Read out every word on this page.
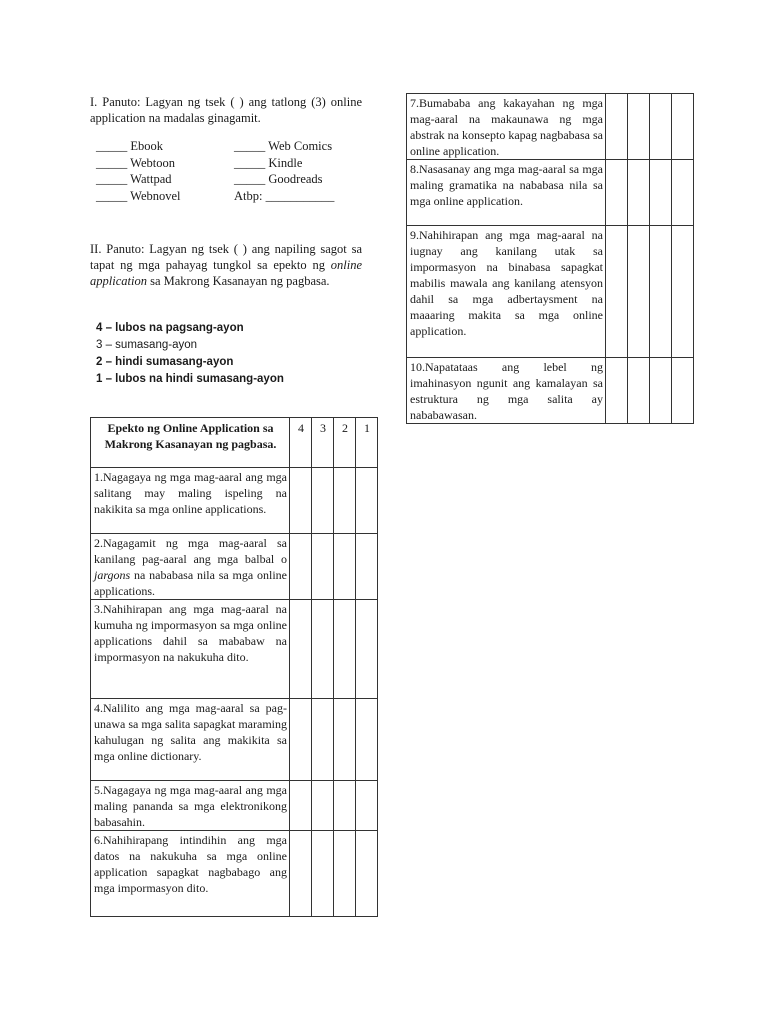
I. Panuto: Lagyan ng tsek ( ) ang tatlong (3) online application na madalas ginagamit.
_____ Ebook
_____ Webtoon
_____ Wattpad
_____ Webnovel
_____ Web Comics
_____ Kindle
_____ Goodreads
Atbp: ___________
II. Panuto: Lagyan ng tsek ( ) ang napiling sagot sa tapat ng mga pahayag tungkol sa epekto ng online application sa Makrong Kasanayan ng pagbasa.
4 – lubos na pagsang-ayon
3 – sumasang-ayon
2 – hindi sumasang-ayon
1 – lubos na hindi sumasang-ayon
Epekto ng Online Application sa Makrong Kasanayan ng pagbasa.	4	3	2	1
1.Nagagaya ng mga mag-aaral ang mga salitang may maling ispeling na nakikita sa mga online applications.				
2.Nagagamit ng mga mag-aaral sa kanilang pag-aaral ang mga balbal o jargons na nababasa nila sa mga online applications.				
3.Nahihirapan ang mga mag-aaral na kumuha ng impormasyon sa mga online applications dahil sa mababaw na impormasyon na nakukuha dito.				
4.Nalilito ang mga mag-aaral sa pag-unawa sa mga salita sapagkat maraming kahulugan ng salita ang makikita sa mga online dictionary.				
5.Nagagaya ng mga mag-aaral ang mga maling pananda sa mga elektronikong babasahin.				
6.Nahihirapang intindihin ang mga datos na nakukuha sa mga online application sapagkat nagbabago ang mga impormasyon dito.				
7.Bumababa ang kakayahan ng mga mag-aaral na makaunawa ng mga abstrak na konsepto kapag nagbabasa sa online application.				
8.Nasasanay ang mga mag-aaral sa mga maling gramatika na nababasa nila sa mga online application.				
9.Nahihirapan ang mga mag-aaral na iugnay ang kanilang utak sa impormasyon na binabasa sapagkat mabilis mawala ang kanilang atensyon dahil sa mga adbertaysment na maaaring makita sa mga online application.				
10.Napatataas ang lebel ng imahinasyon ngunit ang kamalayan sa estruktura ng mga salita ay nababawasan.				
